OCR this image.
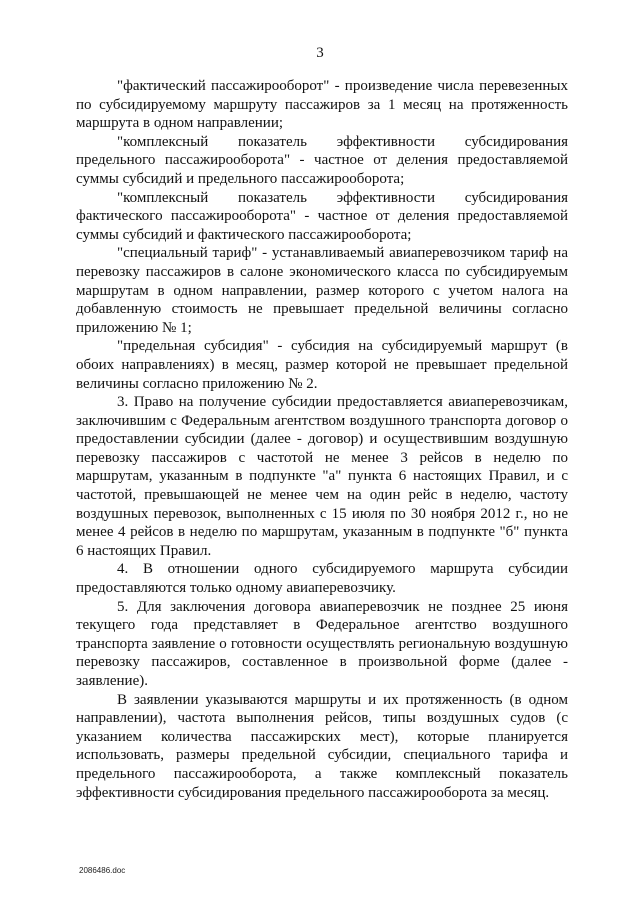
3

"фактический пассажирооборот" - произведение числа перевезенных по субсидируемому маршруту пассажиров за 1 месяц на протяженность маршрута в одном направлении;

"комплексный показатель эффективности субсидирования предельного пассажирооборота" - частное от деления предоставляемой суммы субсидий и предельного пассажирооборота;

"комплексный показатель эффективности субсидирования фактического пассажирооборота" - частное от деления предоставляемой суммы субсидий и фактического пассажирооборота;

"специальный тариф" - устанавливаемый авиаперевозчиком тариф на перевозку пассажиров в салоне экономического класса по субсидируемым маршрутам в одном направлении, размер которого с учетом налога на добавленную стоимость не превышает предельной величины согласно приложению № 1;

"предельная субсидия" - субсидия на субсидируемый маршрут (в обоих направлениях) в месяц, размер которой не превышает предельной величины согласно приложению № 2.

3. Право на получение субсидии предоставляется авиаперевозчикам, заключившим с Федеральным агентством воздушного транспорта договор о предоставлении субсидии (далее - договор) и осуществившим воздушную перевозку пассажиров с частотой не менее 3 рейсов в неделю по маршрутам, указанным в подпункте "а" пункта 6 настоящих Правил, и с частотой, превышающей не менее чем на один рейс в неделю, частоту воздушных перевозок, выполненных с 15 июля по 30 ноября 2012 г., но не менее 4 рейсов в неделю по маршрутам, указанным в подпункте "б" пункта 6 настоящих Правил.

4. В отношении одного субсидируемого маршрута субсидии предоставляются только одному авиаперевозчику.

5. Для заключения договора авиаперевозчик не позднее 25 июня текущего года представляет в Федеральное агентство воздушного транспорта заявление о готовности осуществлять региональную воздушную перевозку пассажиров, составленное в произвольной форме (далее - заявление).

В заявлении указываются маршруты и их протяженность (в одном направлении), частота выполнения рейсов, типы воздушных судов (с указанием количества пассажирских мест), которые планируется использовать, размеры предельной субсидии, специального тарифа и предельного пассажирооборота, а также комплексный показатель эффективности субсидирования предельного пассажирооборота за месяц.

2086486.doc
